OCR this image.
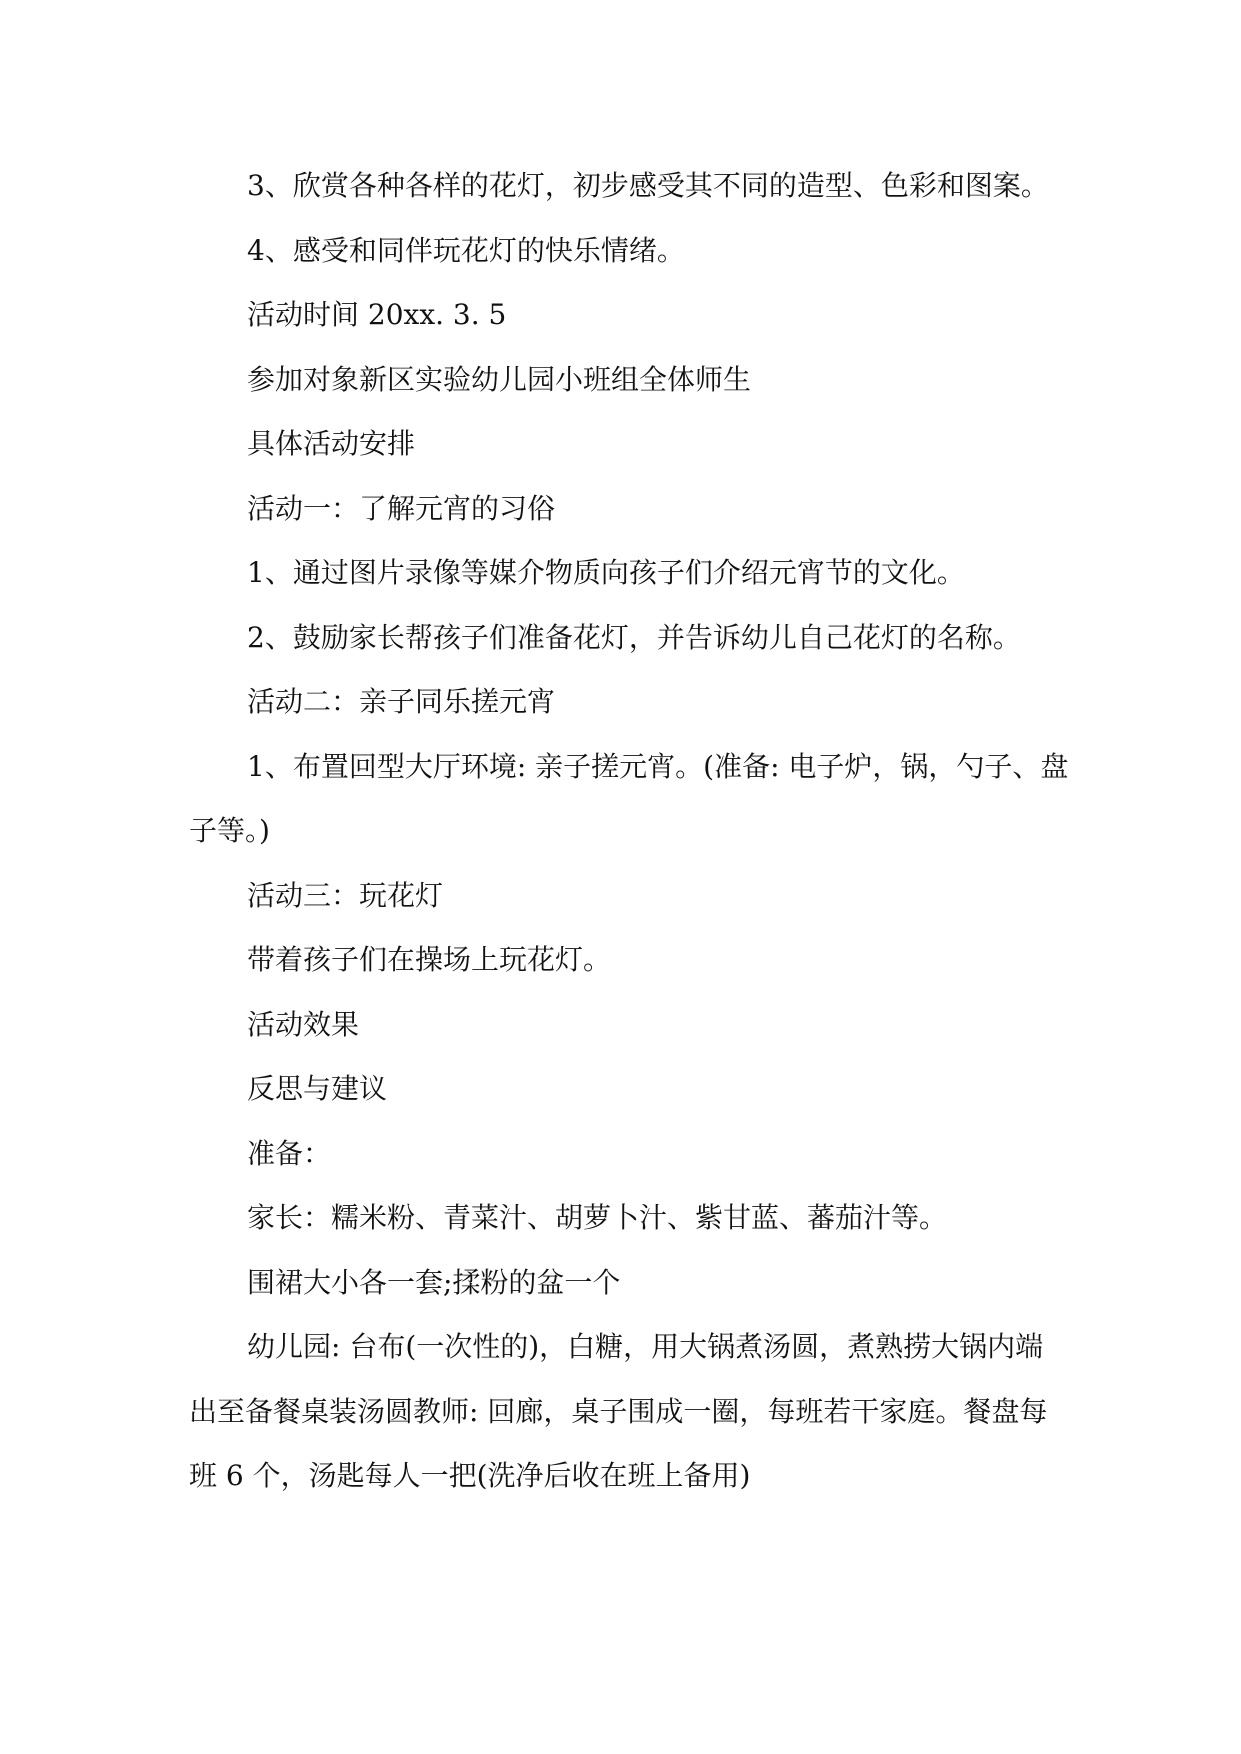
3、欣赏各种各样的花灯，初步感受其不同的造型、色彩和图案。

4、感受和同伴玩花灯的快乐情绪。

活动时间 20xx. 3. 5

参加对象新区实验幼儿园小班组全体师生

具体活动安排

活动一：了解元宵的习俗

1、通过图片录像等媒介物质向孩子们介绍元宵节的文化。

2、鼓励家长帮孩子们准备花灯，并告诉幼儿自己花灯的名称。

活动二：亲子同乐搓元宵

1、布置回型大厅环境: 亲子搓元宵。(准备: 电子炉，锅，勺子、盘子等。)

活动三：玩花灯

带着孩子们在操场上玩花灯。

活动效果

反思与建议

准备：

家长：糯米粉、青菜汁、胡萝卜汁、紫甘蓝、蕃茄汁等。

围裙大小各一套;揉粉的盆一个

幼儿园: 台布(一次性的)，白糖，用大锅煮汤圆，煮熟捞大锅内端出至备餐桌装汤圆教师: 回廊，桌子围成一圈，每班若干家庭。餐盘每班 6 个，汤匙每人一把(洗净后收在班上备用)
